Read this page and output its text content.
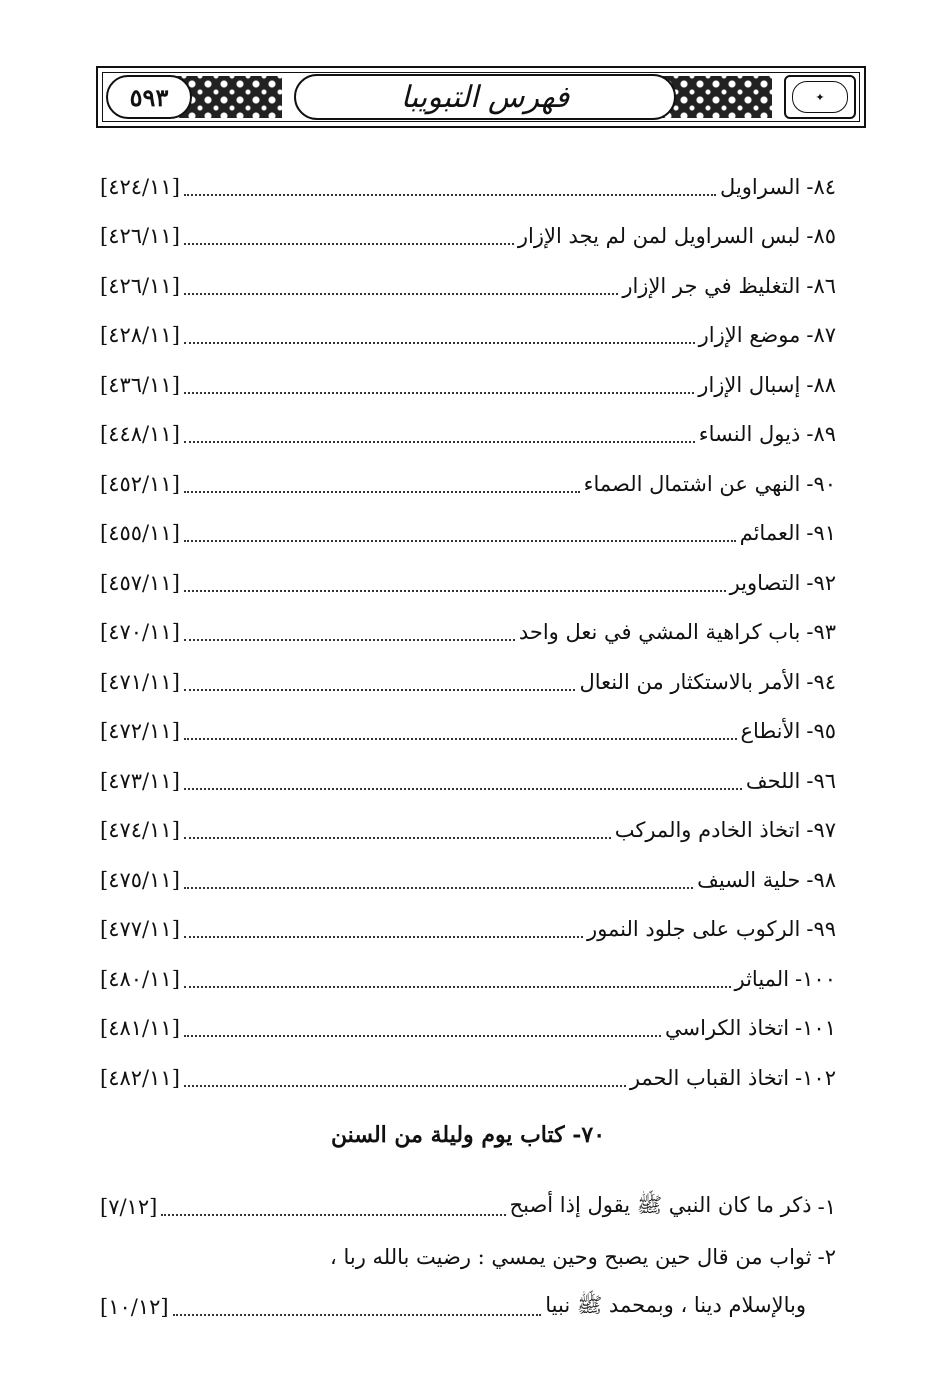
٥٩٣	فهرس التبويبا	✦
[٤٢٤/١١]	السراويل ٨٤-
[٤٢٦/١١]	لبس السراويل لمن لم يجد الإزار ٨٥-
[٤٢٦/١١]	التغليظ في جر الإزار ٨٦-
[٤٢٨/١١]	موضع الإزار ٨٧-
[٤٣٦/١١]	إسبال الإزار ٨٨-
[٤٤٨/١١]	ذيول النساء ٨٩-
[٤٥٢/١١]	النهي عن اشتمال الصماء ٩٠-
[٤٥٥/١١]	العمائم ٩١-
[٤٥٧/١١]	التصاوير ٩٢-
[٤٧٠/١١]	باب كراهية المشي في نعل واحد ٩٣-
[٤٧١/١١]	الأمر بالاستكثار من النعال ٩٤-
[٤٧٢/١١]	الأنطاع ٩٥-
[٤٧٣/١١]	اللحف ٩٦-
[٤٧٤/١١]	اتخاذ الخادم والمركب ٩٧-
[٤٧٥/١١]	حلية السيف ٩٨-
[٤٧٧/١١]	الركوب على جلود النمور ٩٩-
[٤٨٠/١١]	المياثر ١٠٠-
[٤٨١/١١]	اتخاذ الكراسي ١٠١-
[٤٨٢/١١]	اتخاذ القباب الحمر ١٠٢-
٧٠- كتاب يوم وليلة من السنن
[٧/١٢]	ذكر ما كان النبي ﷺ يقول إذا أصبح ١-
٢-
ثواب من قال حين يصبح وحين يمسي : رضيت بالله ربا ،
[١٠/١٢]	وبالإسلام دينا ، وبمحمد ﷺ نبيا
